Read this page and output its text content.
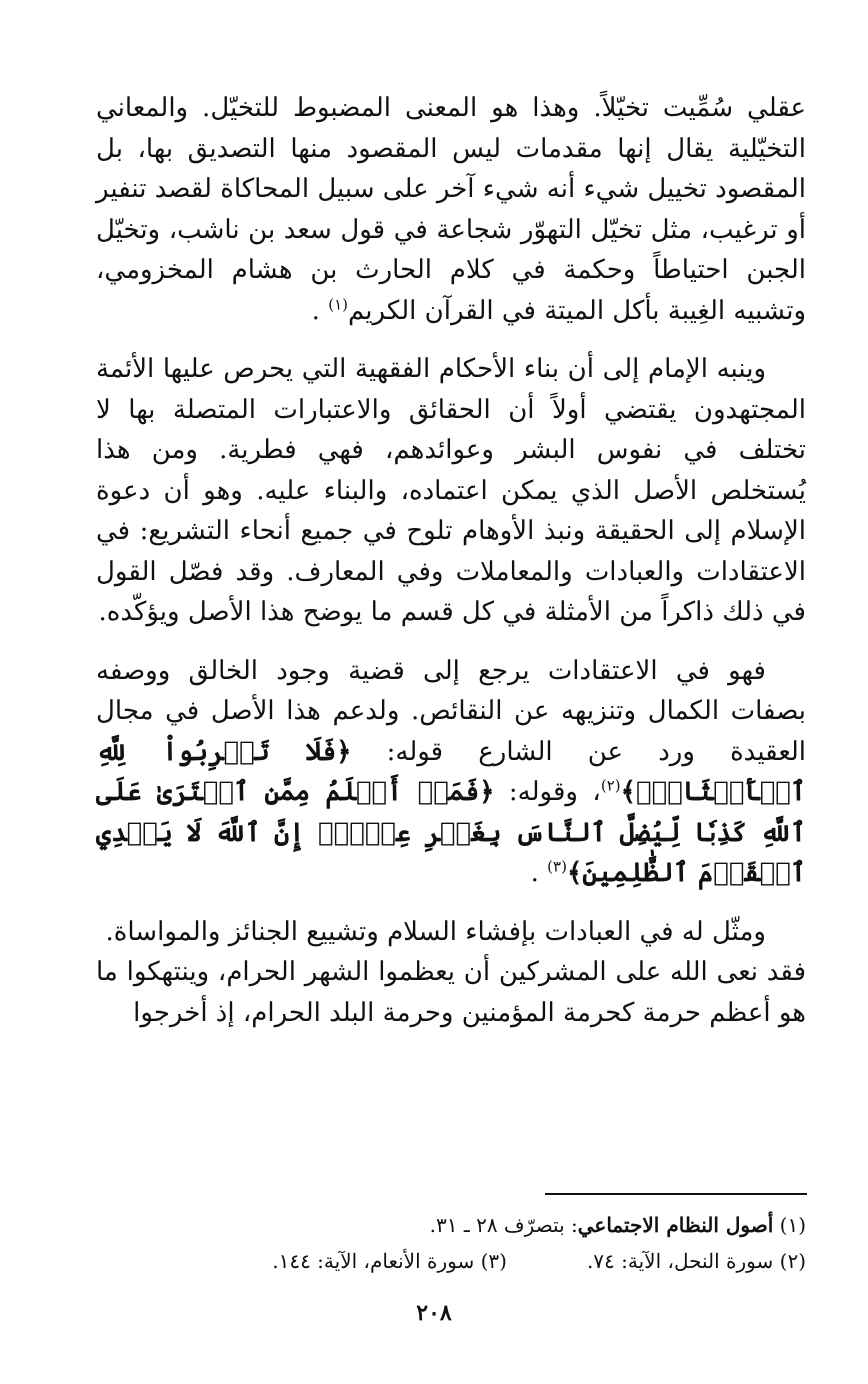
عقلي سُمِّيت تخيّلاً. وهذا هو المعنى المضبوط للتخيّل. والمعاني التخيّلية يقال إنها مقدمات ليس المقصود منها التصديق بها، بل المقصود تخييل شيء أنه شيء آخر على سبيل المحاكاة لقصد تنفير أو ترغيب، مثل تخيّل التهوّر شجاعة في قول سعد بن ناشب، وتخيّل الجبن احتياطاً وحكمة في كلام الحارث بن هشام المخزومي، وتشبيه الغِيبة بأكل الميتة في القرآن الكريم$^{(١)}$ .

وينبه الإمام إلى أن بناء الأحكام الفقهية التي يحرص عليها الأئمة المجتهدون يقتضي أولاً أن الحقائق والاعتبارات المتصلة بها لا تختلف في نفوس البشر وعوائدهم، فهي فطرية. ومن هذا يُستخلص الأصل الذي يمكن اعتماده، والبناء عليه. وهو أن دعوة الإسلام إلى الحقيقة ونبذ الأوهام تلوح في جميع أنحاء التشريع: في الاعتقادات والعبادات والمعاملات وفي المعارف. وقد فصّل القول في ذلك ذاكراً من الأمثلة في كل قسم ما يوضح هذا الأصل ويؤكّده.

فهو في الاعتقادات يرجع إلى قضية وجود الخالق ووصفه بصفات الكمال وتنزيهه عن النقائص. ولدعم هذا الأصل في مجال العقيدة ورد عن الشارع قوله: ﴿فَلَا تَضۡرِبُواْ لِلَّهِ ٱلۡأَمۡثَالَۚ﴾$^{(٢)}$، وقوله: ﴿فَمَنۡ أَظۡلَمُ مِمَّنِ ٱفۡتَرَىٰ عَلَى ٱللَّهِ كَذِبٗا لِّيُضِلَّ ٱلنَّاسَ بِغَيۡرِ عِلۡمٍۚ إِنَّ ٱللَّهَ لَا يَهۡدِي ٱلۡقَوۡمَ ٱلظَّٰلِمِينَ﴾$^{(٣)}$ .

ومثّل له في العبادات بإفشاء السلام وتشييع الجنائز والمواساة.
فقد نعى الله على المشركين أن يعظموا الشهر الحرام، وينتهكوا ما هو أعظم حرمة كحرمة المؤمنين وحرمة البلد الحرام، إذ أخرجوا

(١) أصول النظام الاجتماعي: بتصرّف ٢٨ ـ ٣١.
(٢) سورة النحل، الآية: ٧٤.(٣) سورة الأنعام، الآية: ١٤٤.
٢٠٨
